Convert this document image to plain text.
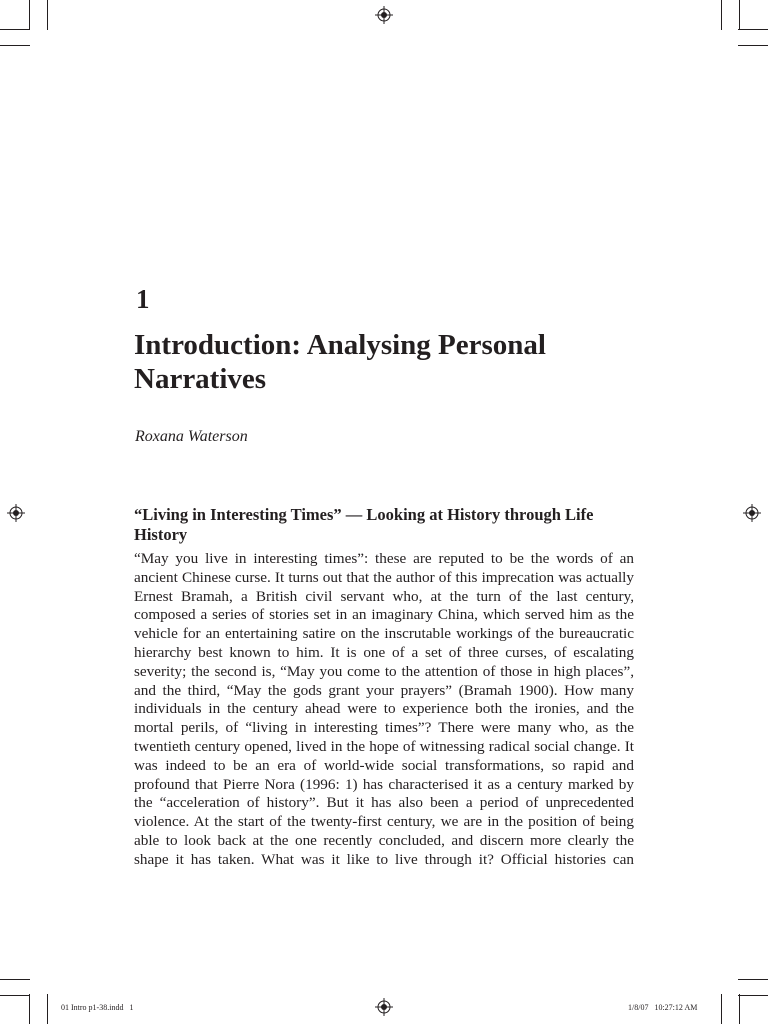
1
Introduction: Analysing Personal Narratives
Roxana Waterson
“Living in Interesting Times” — Looking at History through Life History

“May you live in interesting times”: these are reputed to be the words of an ancient Chinese curse. It turns out that the author of this imprecation was actually Ernest Bramah, a British civil servant who, at the turn of the last century, composed a series of stories set in an imaginary China, which served him as the vehicle for an entertaining satire on the inscrutable workings of the bureaucratic hierarchy best known to him. It is one of a set of three curses, of escalating severity; the second is, “May you come to the attention of those in high places”, and the third, “May the gods grant your prayers” (Bramah 1900). How many individuals in the century ahead were to experience both the ironies, and the mortal perils, of “living in interesting times”? There were many who, as the twentieth century opened, lived in the hope of witnessing radical social change. It was indeed to be an era of world-wide social transformations, so rapid and profound that Pierre Nora (1996: 1) has characterised it as a century marked by the “acceleration of history”. But it has also been a period of unprecedented violence. At the start of the twenty-first century, we are in the position of being able to look back at the one recently concluded, and discern more clearly the shape it has taken. What was it like to live through it? Official histories can

01 Intro p1-38.indd   1	1/8/07   10:27:12 AM
